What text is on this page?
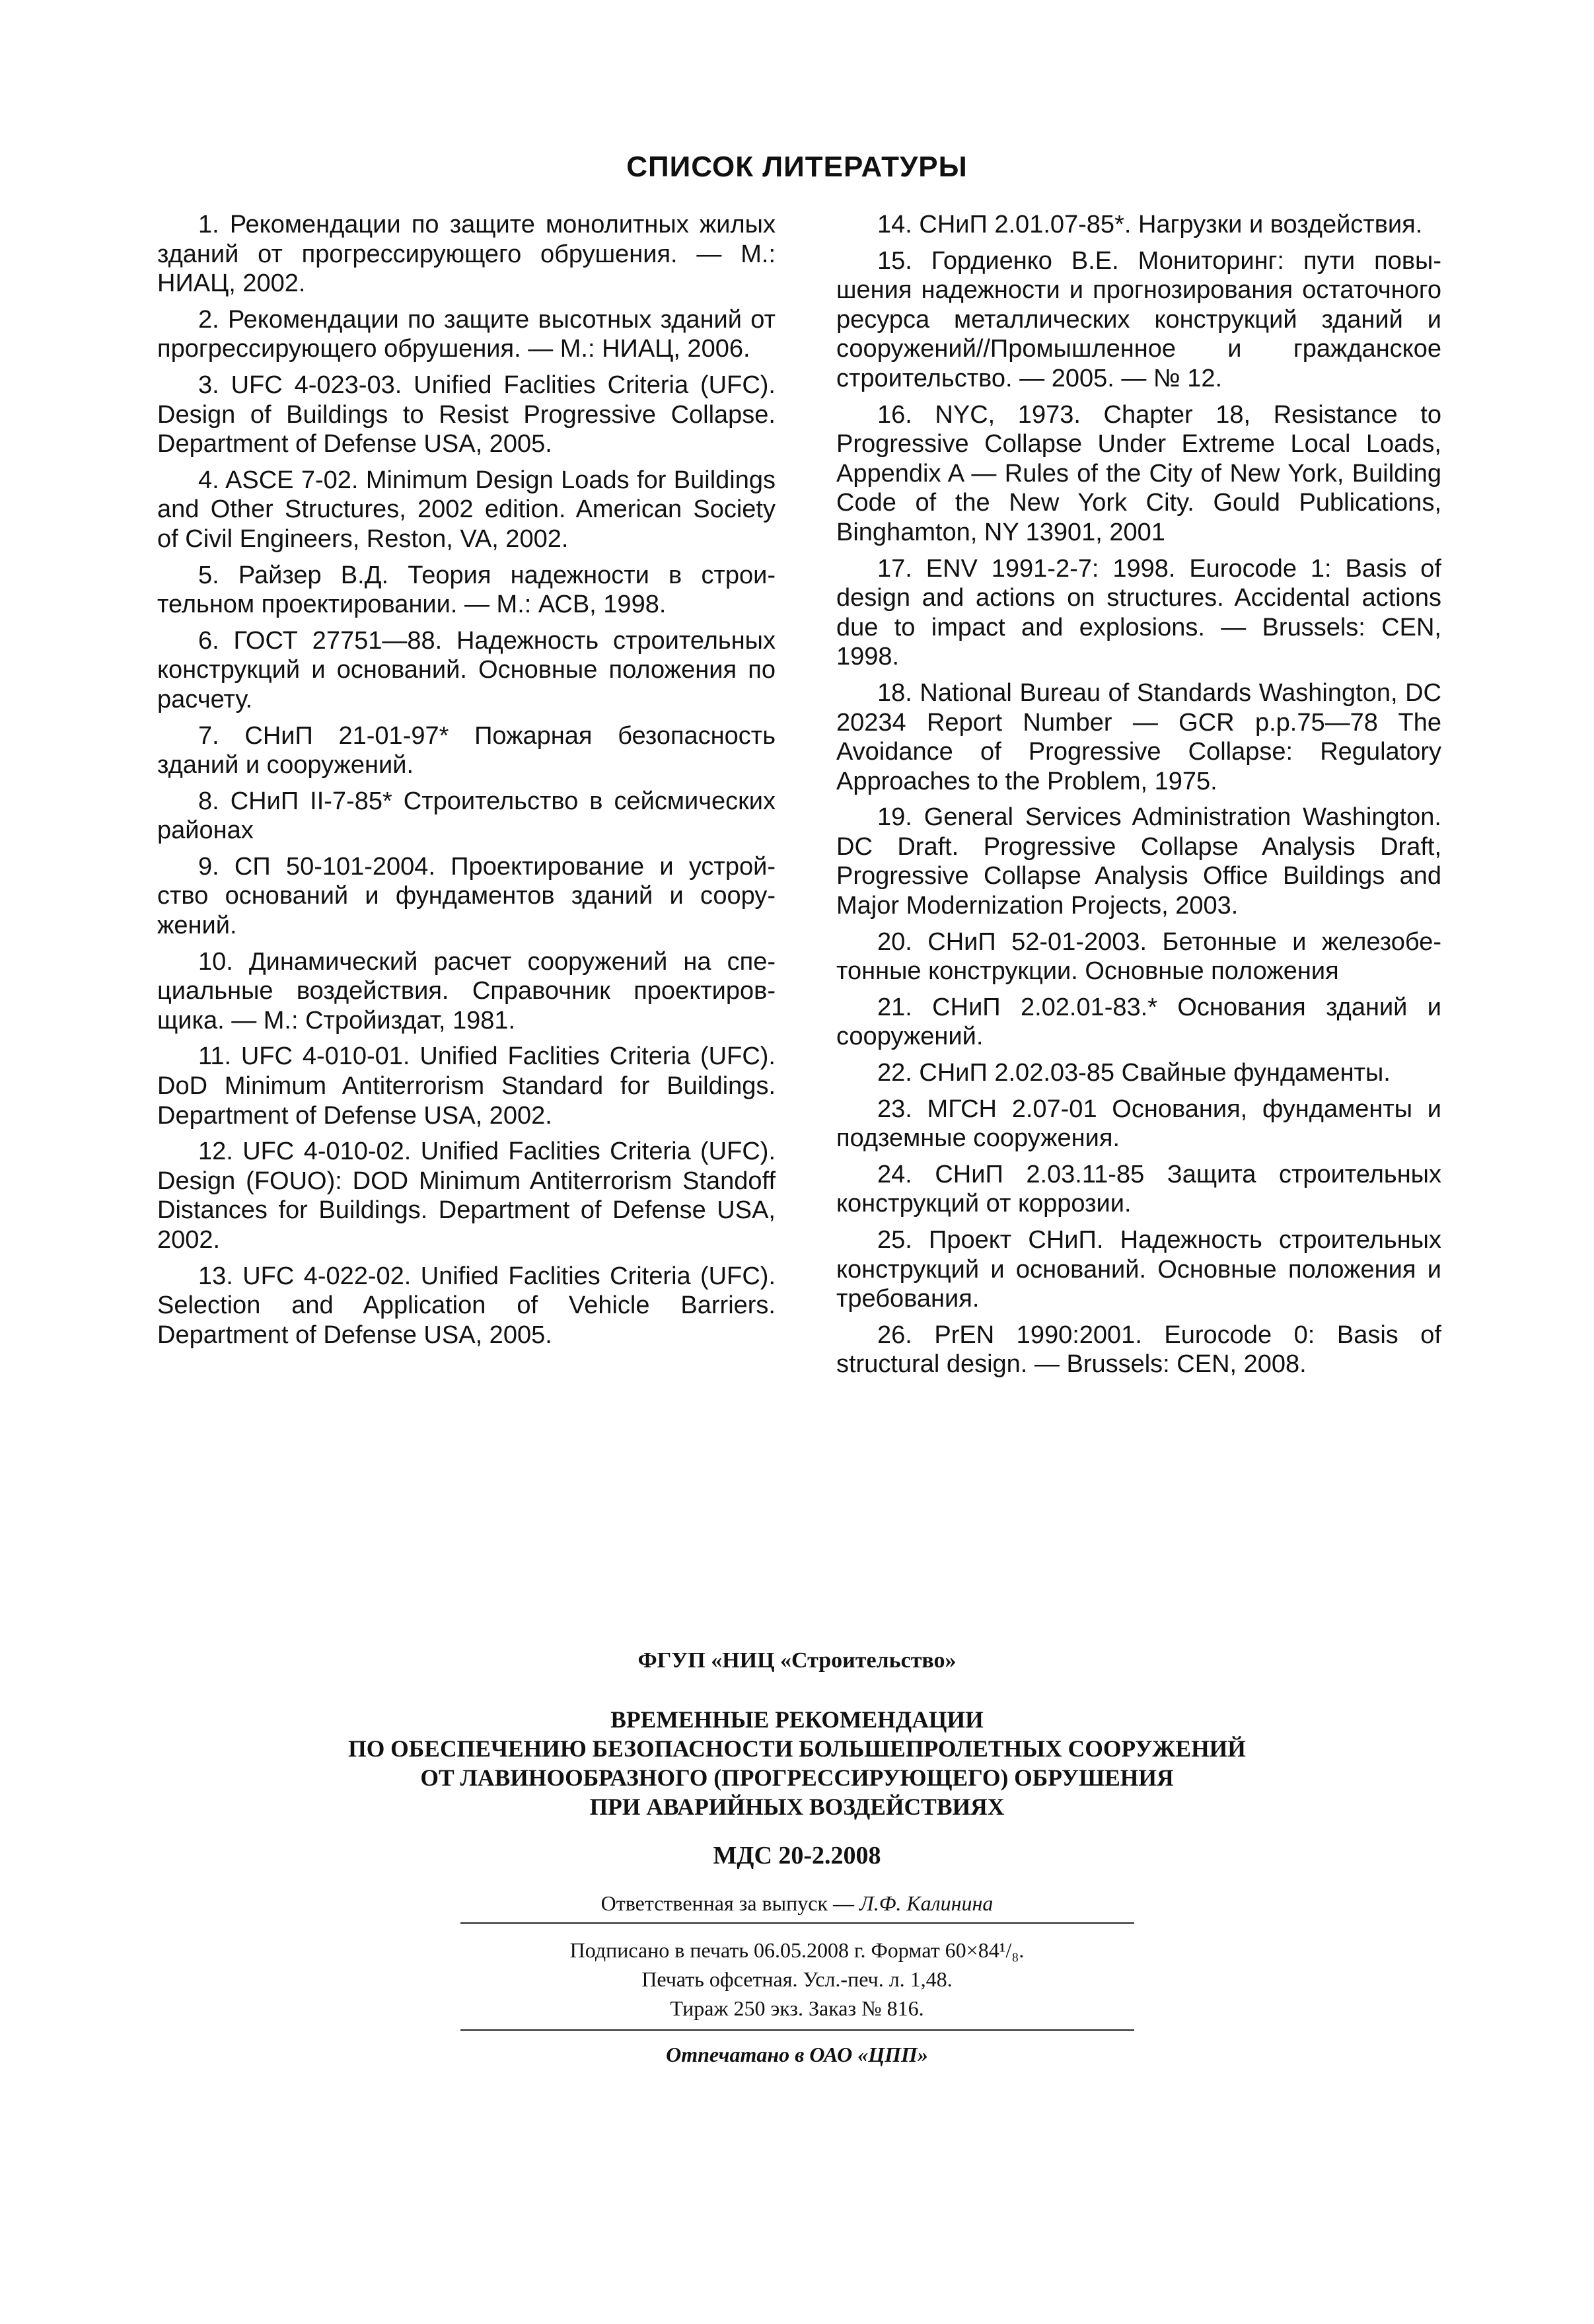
СПИСОК ЛИТЕРАТУРЫ

1. Рекомендации по защите монолитных жилых зданий от прогрессирующего обрушения. — М.: НИАЦ, 2002.

2. Рекомендации по защите высотных зданий от прогрессирующего обрушения. — М.: НИАЦ, 2006.

3. UFC 4-023-03. Unified Faclities Criteria (UFC). Design of Buildings to Resist Progressive Collapse. Department of Defense USA, 2005.

4. ASCE 7-02. Minimum Design Loads for Buildings and Other Structures, 2002 edition. American Society of Civil Engineers, Reston, VA, 2002.

5. Райзер В.Д. Теория надежности в строительном проектировании. — М.: АСВ, 1998.

6. ГОСТ 27751—88. Надежность строительных конструкций и оснований. Основные положения по расчету.

7. СНиП 21-01-97* Пожарная безопасность зданий и сооружений.

8. СНиП II-7-85* Строительство в сейсмических районах

9. СП 50-101-2004. Проектирование и устройство оснований и фундаментов зданий и сооружений.

10. Динамический расчет сооружений на специальные воздействия. Справочник проектировщика. — М.: Стройиздат, 1981.

11. UFC 4-010-01. Unified Faclities Criteria (UFC). DoD Minimum Antiterrorism Standard for Buildings. Department of Defense USA, 2002.

12. UFC 4-010-02. Unified Faclities Criteria (UFC). Design (FOUO): DOD Minimum Antiterrorism Standoff Distances for Buildings. Department of Defense USA, 2002.

13. UFC 4-022-02. Unified Faclities Criteria (UFC). Selection and Application of Vehicle Barriers. Department of Defense USA, 2005.

14. СНиП 2.01.07-85*. Нагрузки и воздействия.

15. Гордиенко В.Е. Мониторинг: пути повышения надежности и прогнозирования остаточного ресурса металлических конструкций зданий и сооружений//Промышленное и гражданское строительство. — 2005. — № 12.

16. NYC, 1973. Chapter 18, Resistance to Progressive Collapse Under Extreme Local Loads, Appendix A — Rules of the City of New York, Building Code of the New York City. Gould Publications, Binghamton, NY 13901, 2001

17. ENV 1991-2-7: 1998. Eurocode 1: Basis of design and actions on structures. Accidental actions due to impact and explosions. — Brussels: CEN, 1998.

18. National Bureau of Standards Washington, DC 20234 Report Number — GCR p.p.75—78 The Avoidance of Progressive Collapse: Regulatory Approaches to the Problem, 1975.

19. General Services Administration Washington. DC Draft. Progressive Collapse Analysis Draft, Progressive Collapse Analysis Office Buildings and Major Modernization Projects, 2003.

20. СНиП 52-01-2003. Бетонные и железобетонные конструкции. Основные положения

21. СНиП 2.02.01-83.* Основания зданий и сооружений.

22. СНиП 2.02.03-85 Свайные фундаменты.

23. МГСН 2.07-01 Основания, фундаменты и подземные сооружения.

24. СНиП 2.03.11-85 Защита строительных конструкций от коррозии.

25. Проект СНиП. Надежность строительных конструкций и оснований. Основные положения и требования.

26. PrEN 1990:2001. Eurocode 0: Basis of structural design. — Brussels: CEN, 2008.

ФГУП «НИЦ «Строительство»

ВРЕМЕННЫЕ РЕКОМЕНДАЦИИ
ПО ОБЕСПЕЧЕНИЮ БЕЗОПАСНОСТИ БОЛЬШЕПРОЛЕТНЫХ СООРУЖЕНИЙ
ОТ ЛАВИНООБРАЗНОГО (ПРОГРЕССИРУЮЩЕГО) ОБРУШЕНИЯ
ПРИ АВАРИЙНЫХ ВОЗДЕЙСТВИЯХ

МДС 20-2.2008

Ответственная за выпуск — Л.Ф. Калинина

Подписано в печать 06.05.2008 г. Формат 60×84¹/₈.
Печать офсетная. Усл.-печ. л. 1,48.
Тираж 250 экз. Заказ № 816.

Отпечатано в ОАО «ЦПП»
